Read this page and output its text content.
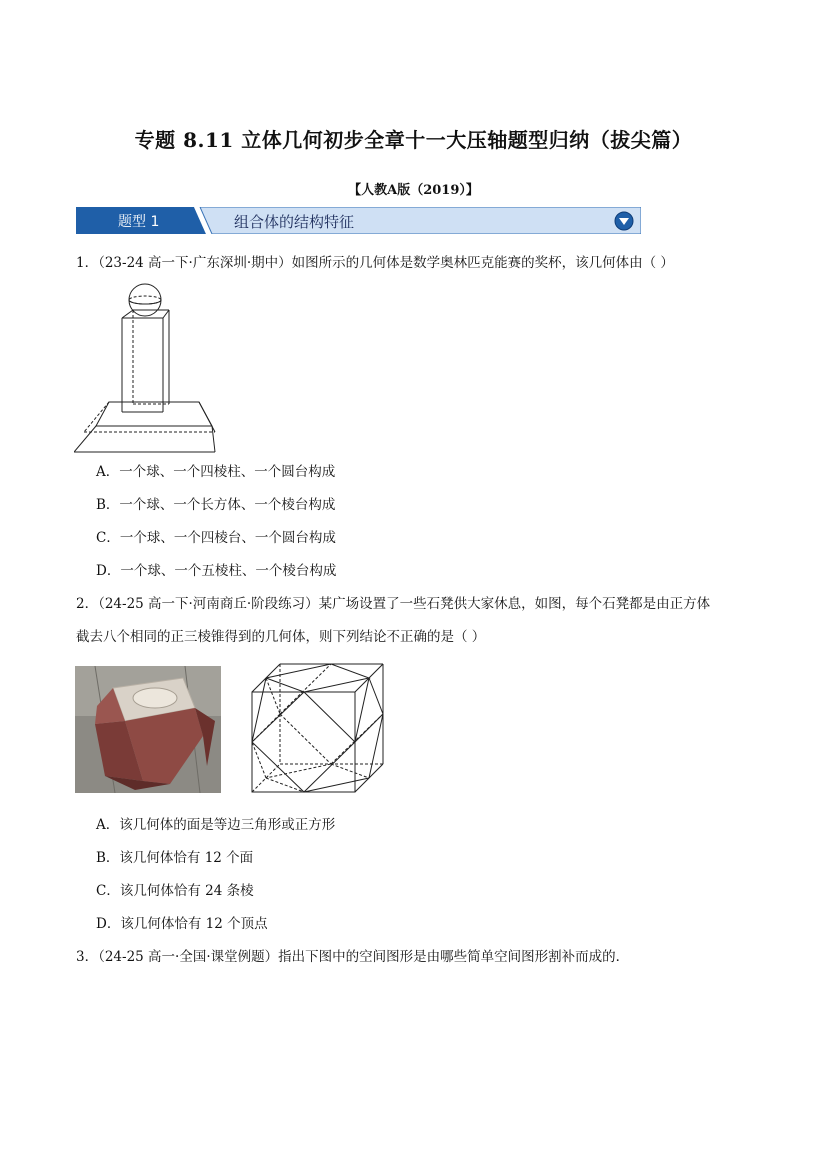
专题 8.11 立体几何初步全章十一大压轴题型归纳（拔尖篇）
【人教A版（2019）】
题型 1	组合体的结构特征
1．（23-24 高一下·广东深圳·期中）如图所示的几何体是数学奥林匹克能赛的奖杯，该几何体由（ ）
A．一个球、一个四棱柱、一个圆台构成
B．一个球、一个长方体、一个棱台构成
C．一个球、一个四棱台、一个圆台构成
D．一个球、一个五棱柱、一个棱台构成
2．（24-25 高一下·河南商丘·阶段练习）某广场设置了一些石凳供大家休息，如图，每个石凳都是由正方体
截去八个相同的正三棱锥得到的几何体，则下列结论不正确的是（ ）
A．该几何体的面是等边三角形或正方形
B．该几何体恰有 12 个面
C．该几何体恰有 24 条棱
D．该几何体恰有 12 个顶点
3．（24-25 高一·全国·课堂例题）指出下图中的空间图形是由哪些简单空间图形割补而成的．
